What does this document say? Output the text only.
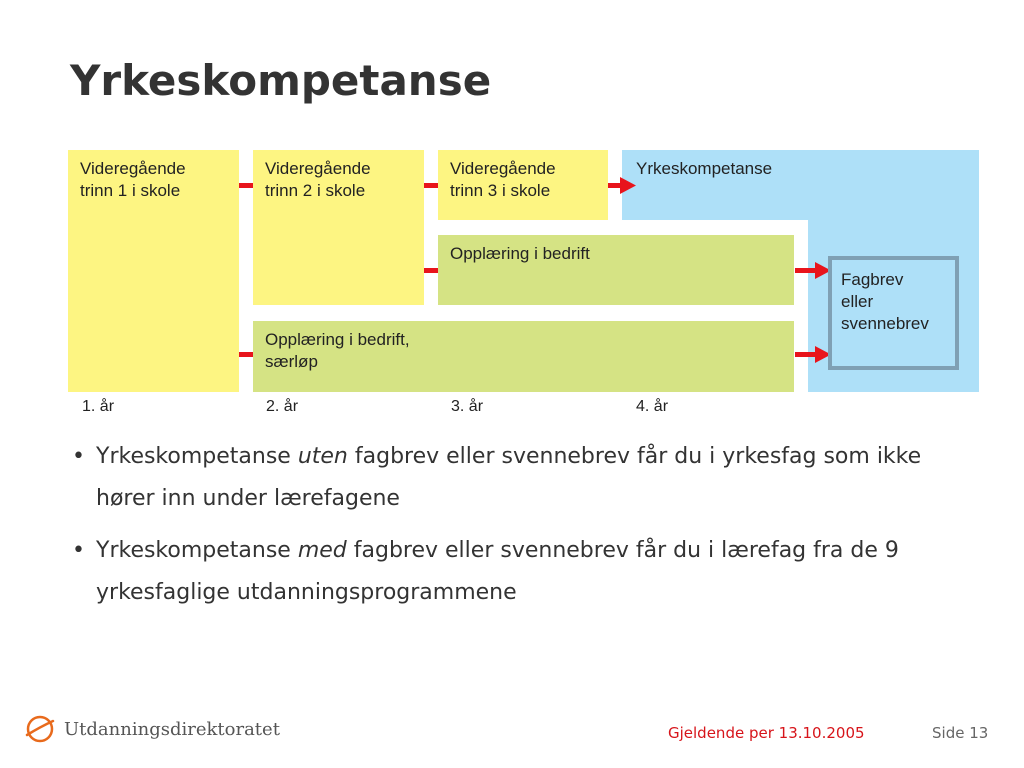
Yrkeskompetanse
Videregående
trinn 1 i skole
Videregående
trinn 2 i skole
Videregående
trinn 3 i skole
Yrkeskompetanse
Opplæring i bedrift
Opplæring i bedrift,
særløp
Fagbrev
eller
svennebrev
1. år	2. år	3. år	4. år
• Yrkeskompetanse uten fagbrev eller svennebrev får du i yrkesfag som ikke hører inn under lærefagene
• Yrkeskompetanse med fagbrev eller svennebrev får du i lærefag fra de 9 yrkesfaglige utdanningsprogrammene
Utdanningsdirektoratet	Gjeldende per 13.10.2005	Side 13
